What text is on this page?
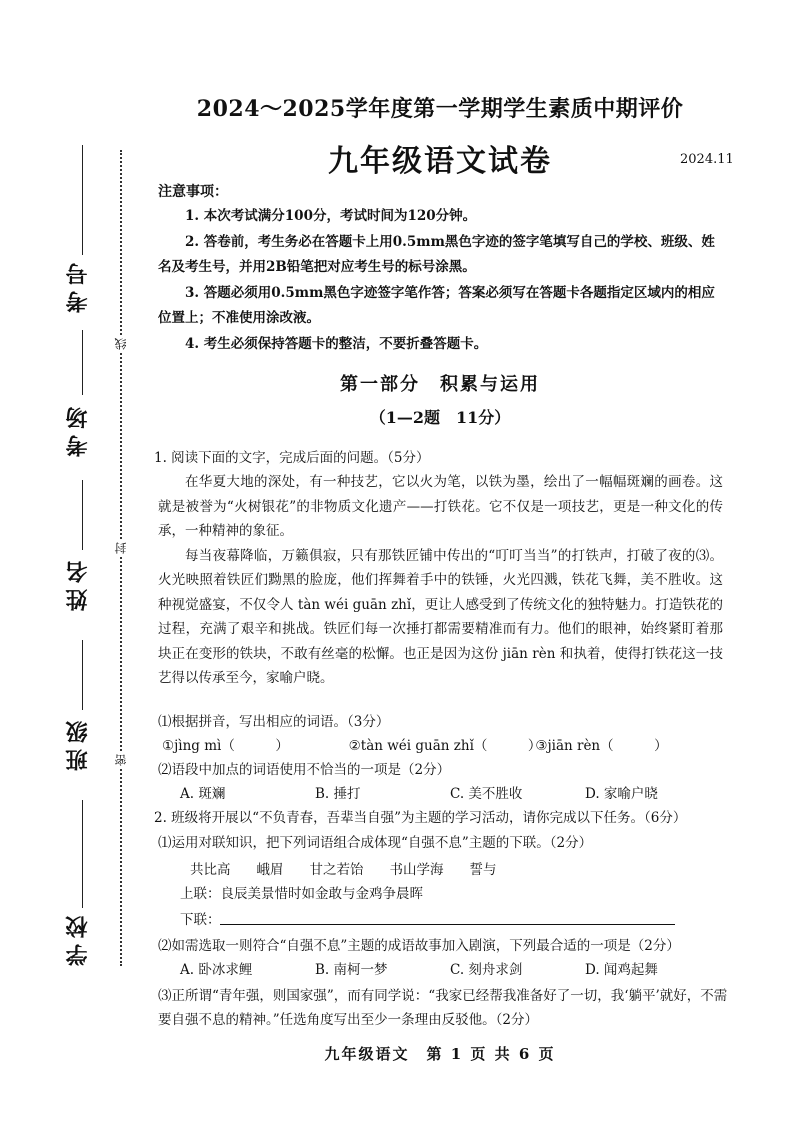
考号
考场
姓名
班级
学校
线
封
密
2024～2025学年度第一学期学生素质中期评价
九年级语文试卷	2024.11
注意事项：

1. 本次考试满分100分，考试时间为120分钟。

2. 答卷前，考生务必在答题卡上用0.5mm黑色字迹的签字笔填写自己的学校、班级、姓名及考生号，并用2B铅笔把对应考生号的标号涂黑。

3. 答题必须用0.5mm黑色字迹签字笔作答；答案必须写在答题卡各题指定区域内的相应位置上；不准使用涂改液。

4. 考生必须保持答题卡的整洁，不要折叠答题卡。

第一部分　积累与运用
（1—2题　11分）
1. 阅读下面的文字，完成后面的问题。（5分）

在华夏大地的深处，有一种技艺，它以火为笔，以铁为墨，绘出了一幅幅斑斓的画卷。这就是被誉为“火树银花”的非物质文化遗产——打铁花。它不仅是一项技艺，更是一种文化的传承，一种精神的象征。

每当夜幕降临，万籁俱寂，只有那铁匠铺中传出的“叮叮当当”的打铁声，打破了夜的⑶。火光映照着铁匠们黝黑的脸庞，他们挥舞着手中的铁锤，火光四溅，铁花飞舞，美不胜收。这种视觉盛宴，不仅令人 tàn wéi guān zhǐ，更让人感受到了传统文化的独特魅力。打造铁花的过程，充满了艰辛和挑战。铁匠们每一次捶打都需要精准而有力。他们的眼神，始终紧盯着那块正在变形的铁块，不敢有丝毫的松懈。也正是因为这份 jiān rèn 和执着，使得打铁花这一技艺得以传承至今，家喻户晓。

⑴根据拼音，写出相应的词语。（3分）
①jìng mì（　　　）	②tàn wéi guān zhǐ（　　　）
③jiān rèn（　　　）
⑵语段中加点的词语使用不恰当的一项是（2分）
A. 斑斓	B. 捶打	C. 美不胜收	D. 家喻户晓
2. 班级将开展以“不负青春，吾辈当自强”为主题的学习活动，请你完成以下任务。（6分）
⑴运用对联知识，把下列词语组合成体现“自强不息”主题的下联。（2分）
共比高 峨眉 甘之若饴 书山学海 誓与
上联：良辰美景惜时如金敢与金鸡争晨晖
下联：
⑵如需选取一则符合“自强不息”主题的成语故事加入剧演，下列最合适的一项是（2分）
A. 卧冰求鲤	B. 南柯一梦	C. 刻舟求剑	D. 闻鸡起舞
⑶正所谓“青年强，则国家强”，而有同学说：“我家已经帮我准备好了一切，我‘躺平’就好，不需要自强不息的精神。”任选角度写出至少一条理由反驳他。（2分）
九年级语文　第 1 页 共 6 页
